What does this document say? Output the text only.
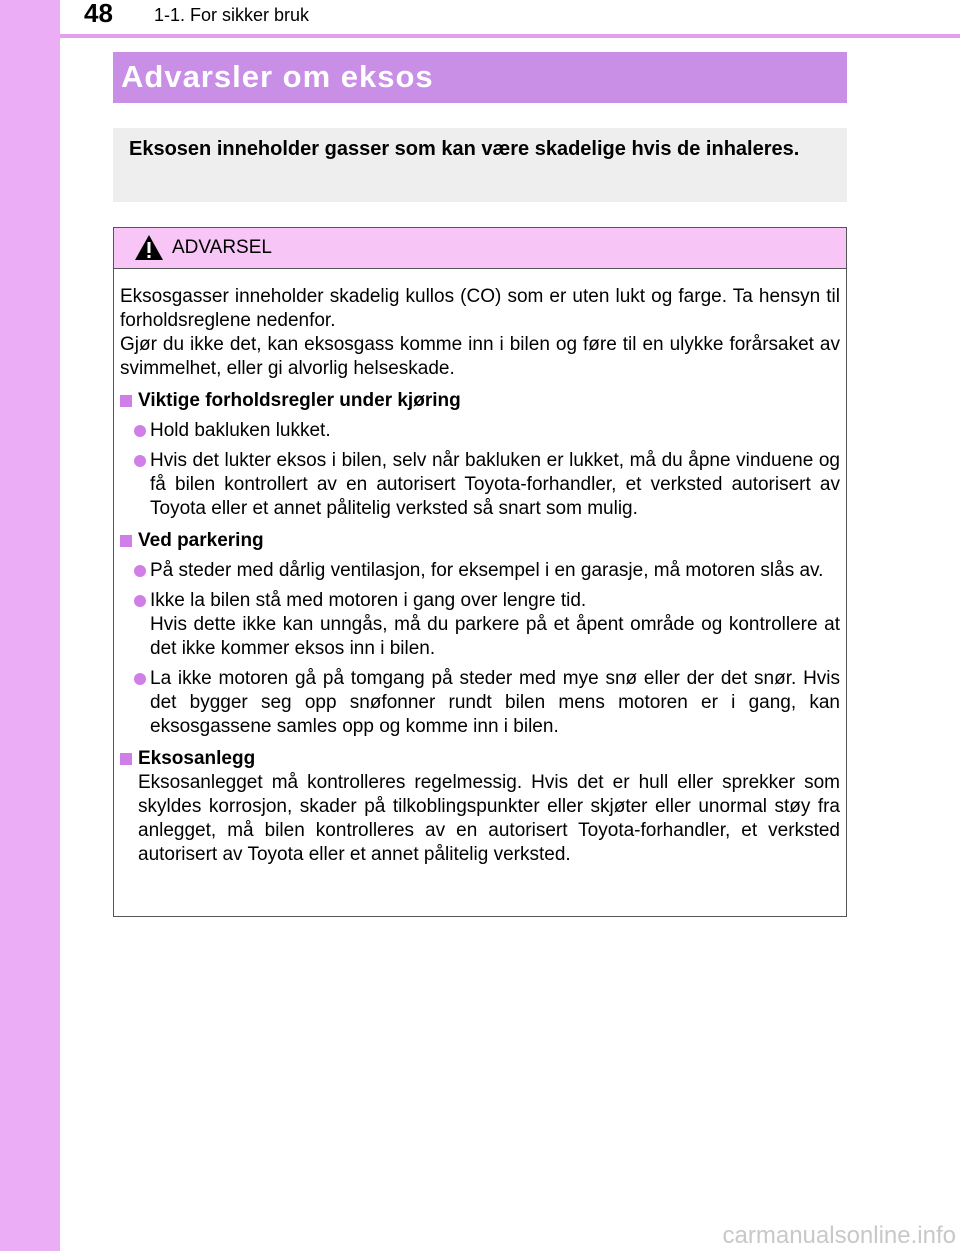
48 1-1. For sikker bruk
Advarsler om eksos
Eksosen inneholder gasser som kan være skadelige hvis de inhaleres.
ADVARSEL

Eksosgasser inneholder skadelig kullos (CO) som er uten lukt og farge. Ta hensyn til forholdsreglene nedenfor.

Gjør du ikke det, kan eksosgass komme inn i bilen og føre til en ulykke forårsaket av svimmelhet, eller gi alvorlig helseskade.

Viktige forholdsregler under kjøring
Hold bakluken lukket.
Hvis det lukter eksos i bilen, selv når bakluken er lukket, må du åpne vinduene og få bilen kontrollert av en autorisert Toyota-forhandler, et verksted autorisert av Toyota eller et annet pålitelig verksted så snart som mulig.
Ved parkering
På steder med dårlig ventilasjon, for eksempel i en garasje, må motoren slås av.
Ikke la bilen stå med motoren i gang over lengre tid.
Hvis dette ikke kan unngås, må du parkere på et åpent område og kontrollere at det ikke kommer eksos inn i bilen.
La ikke motoren gå på tomgang på steder med mye snø eller der det snør. Hvis det bygger seg opp snøfonner rundt bilen mens motoren er i gang, kan eksosgassene samles opp og komme inn i bilen.
Eksosanlegg
Eksosanlegget må kontrolleres regelmessig. Hvis det er hull eller sprekker som skyldes korrosjon, skader på tilkoblingspunkter eller skjøter eller unormal støy fra anlegget, må bilen kontrolleres av en autorisert Toyota-forhandler, et verksted autorisert av Toyota eller et annet pålitelig verksted.
carmanualsonline.info
